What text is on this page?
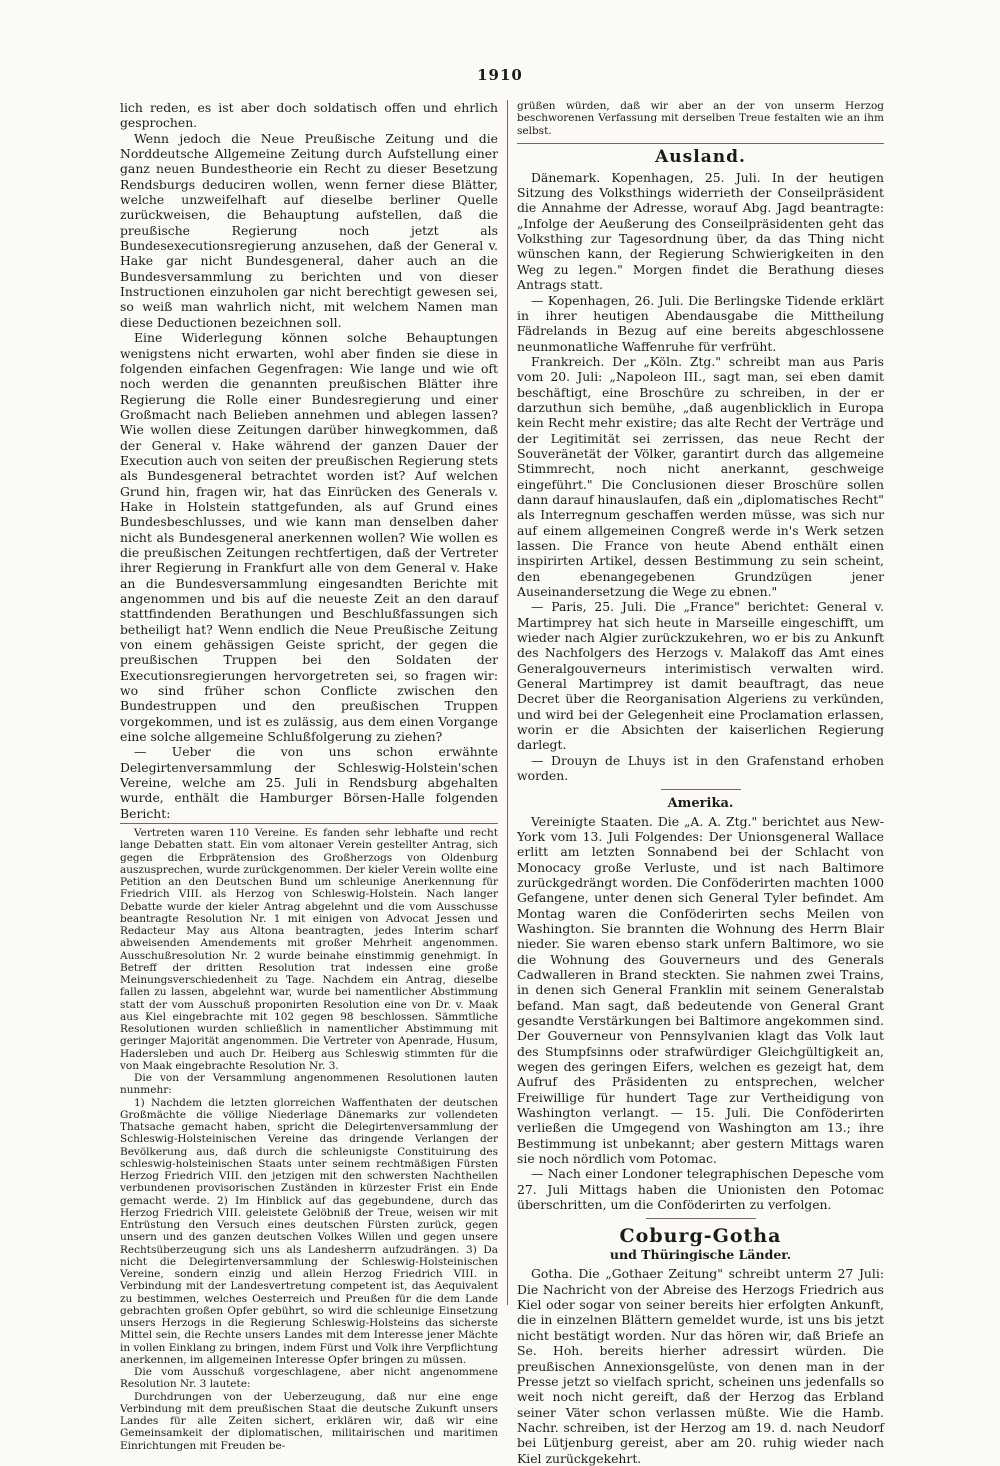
1910

lich reden, es ist aber doch soldatisch offen und ehrlich gesprochen.

Wenn jedoch die Neue Preußische Zeitung und die Norddeutsche Allgemeine Zeitung durch Aufstellung einer ganz neuen Bundestheorie ein Recht zu dieser Besetzung Rendsburgs deduciren wollen, wenn ferner diese Blätter, welche unzweifelhaft auf dieselbe berliner Quelle zurückweisen, die Behauptung aufstellen, daß die preußische Regierung noch jetzt als Bundesexecutionsregierung anzusehen, daß der General v. Hake gar nicht Bundesgeneral, daher auch an die Bundesversammlung zu berichten und von dieser Instructionen einzuholen gar nicht berechtigt gewesen sei, so weiß man wahrlich nicht, mit welchem Namen man diese Deductionen bezeichnen soll.

Eine Widerlegung können solche Behauptungen wenigstens nicht erwarten, wohl aber finden sie diese in folgenden einfachen Gegenfragen: Wie lange und wie oft noch werden die genannten preußischen Blätter ihre Regierung die Rolle einer Bundesregierung und einer Großmacht nach Belieben annehmen und ablegen lassen? Wie wollen diese Zeitungen darüber hinwegkommen, daß der General v. Hake während der ganzen Dauer der Execution auch von seiten der preußischen Regierung stets als Bundesgeneral betrachtet worden ist? Auf welchen Grund hin, fragen wir, hat das Einrücken des Generals v. Hake in Holstein stattgefunden, als auf Grund eines Bundesbeschlusses, und wie kann man denselben daher nicht als Bundesgeneral anerkennen wollen? Wie wollen es die preußischen Zeitungen rechtfertigen, daß der Vertreter ihrer Regierung in Frankfurt alle von dem General v. Hake an die Bundesversammlung eingesandten Berichte mit angenommen und bis auf die neueste Zeit an den darauf stattfindenden Berathungen und Beschlußfassungen sich betheiligt hat? Wenn endlich die Neue Preußische Zeitung von einem gehässigen Geiste spricht, der gegen die preußischen Truppen bei den Soldaten der Executionsregierungen hervorgetreten sei, so fragen wir: wo sind früher schon Conflicte zwischen den Bundestruppen und den preußischen Truppen vorgekommen, und ist es zulässig, aus dem einen Vorgange eine solche allgemeine Schlußfolgerung zu ziehen?

— Ueber die von uns schon erwähnte Delegirtenversammlung der Schleswig-Holstein'schen Vereine, welche am 25. Juli in Rendsburg abgehalten wurde, enthält die Hamburger Börsen-Halle folgenden Bericht:

Vertreten waren 110 Vereine. Es fanden sehr lebhafte und recht lange Debatten statt. Ein vom altonaer Verein gestellter Antrag, sich gegen die Erbprätension des Großherzogs von Oldenburg auszusprechen, wurde zurückgenommen. Der kieler Verein wollte eine Petition an den Deutschen Bund um schleunige Anerkennung für Friedrich VIII. als Herzog von Schleswig-Holstein. Nach langer Debatte wurde der kieler Antrag abgelehnt und die vom Ausschusse beantragte Resolution Nr. 1 mit einigen von Advocat Jessen und Redacteur May aus Altona beantragten, jedes Interim scharf abweisenden Amendements mit großer Mehrheit angenommen. Ausschußresolution Nr. 2 wurde beinahe einstimmig genehmigt. In Betreff der dritten Resolution trat indessen eine große Meinungsverschiedenheit zu Tage. Nachdem ein Antrag, dieselbe fallen zu lassen, abgelehnt war, wurde bei namentlicher Abstimmung statt der vom Ausschuß proponirten Resolution eine von Dr. v. Maak aus Kiel eingebrachte mit 102 gegen 98 beschlossen. Sämmtliche Resolutionen wurden schließlich in namentlicher Abstimmung mit geringer Majorität angenommen. Die Vertreter von Apenrade, Husum, Hadersleben und auch Dr. Heiberg aus Schleswig stimmten für die von Maak eingebrachte Resolution Nr. 3.

Die von der Versammlung angenommenen Resolutionen lauten nunmehr:

1) Nachdem die letzten glorreichen Waffenthaten der deutschen Großmächte die völlige Niederlage Dänemarks zur vollendeten Thatsache gemacht haben, spricht die Delegirtenversammlung der Schleswig-Holsteinischen Vereine das dringende Verlangen der Bevölkerung aus, daß durch die schleunigste Constituirung des schleswig-holsteinischen Staats unter seinem rechtmäßigen Fürsten Herzog Friedrich VIII. den jetzigen mit den schwersten Nachtheilen verbundenen provisorischen Zuständen in kürzester Frist ein Ende gemacht werde. 2) Im Hinblick auf das gegebundene, durch das Herzog Friedrich VIII. geleistete Gelöbniß der Treue, weisen wir mit Entrüstung den Versuch eines deutschen Fürsten zurück, gegen unsern und des ganzen deutschen Volkes Willen und gegen unsere Rechtsüberzeugung sich uns als Landesherrn aufzudrängen. 3) Da nicht die Delegirtenversammlung der Schleswig-Holsteinischen Vereine, sondern einzig und allein Herzog Friedrich VIII. in Verbindung mit der Landesvertretung competent ist, das Aequivalent zu bestimmen, welches Oesterreich und Preußen für die dem Lande gebrachten großen Opfer gebührt, so wird die schleunige Einsetzung unsers Herzogs in die Regierung Schleswig-Holsteins das sicherste Mittel sein, die Rechte unsers Landes mit dem Interesse jener Mächte in vollen Einklang zu bringen, indem Fürst und Volk ihre Verpflichtung anerkennen, im allgemeinen Interesse Opfer bringen zu müssen.

Die vom Ausschuß vorgeschlagene, aber nicht angenommene Resolution Nr. 3 lautete:

Durchdrungen von der Ueberzeugung, daß nur eine enge Verbindung mit dem preußischen Staat die deutsche Zukunft unsers Landes für alle Zeiten sichert, erklären wir, daß wir eine Gemeinsamkeit der diplomatischen, militairischen und maritimen Einrichtungen mit Freuden be-

grüßen würden, daß wir aber an der von unserm Herzog beschworenen Verfassung mit derselben Treue festalten wie an ihm selbst.

Ausland.

Dänemark. Kopenhagen, 25. Juli. In der heutigen Sitzung des Volksthings widerrieth der Conseilpräsident die Annahme der Adresse, worauf Abg. Jagd beantragte: „Infolge der Aeußerung des Conseilpräsidenten geht das Volksthing zur Tagesordnung über, da das Thing nicht wünschen kann, der Regierung Schwierigkeiten in den Weg zu legen." Morgen findet die Berathung dieses Antrags statt.

— Kopenhagen, 26. Juli. Die Berlingske Tidende erklärt in ihrer heutigen Abendausgabe die Mittheilung Fädrelands in Bezug auf eine bereits abgeschlossene neunmonatliche Waffenruhe für verfrüht.

Frankreich. Der „Köln. Ztg." schreibt man aus Paris vom 20. Juli: „Napoleon III., sagt man, sei eben damit beschäftigt, eine Broschüre zu schreiben, in der er darzuthun sich bemühe, „daß augenblicklich in Europa kein Recht mehr existire; das alte Recht der Verträge und der Legitimität sei zerrissen, das neue Recht der Souveränetät der Völker, garantirt durch das allgemeine Stimmrecht, noch nicht anerkannt, geschweige eingeführt." Die Conclusionen dieser Broschüre sollen dann darauf hinauslaufen, daß ein „diplomatisches Recht" als Interregnum geschaffen werden müsse, was sich nur auf einem allgemeinen Congreß werde in's Werk setzen lassen. Die France von heute Abend enthält einen inspirirten Artikel, dessen Bestimmung zu sein scheint, den ebenangegebenen Grundzügen jener Auseinandersetzung die Wege zu ebnen."

— Paris, 25. Juli. Die „France" berichtet: General v. Martimprey hat sich heute in Marseille eingeschifft, um wieder nach Algier zurückzukehren, wo er bis zu Ankunft des Nachfolgers des Herzogs v. Malakoff das Amt eines Generalgouverneurs interimistisch verwalten wird. General Martimprey ist damit beauftragt, das neue Decret über die Reorganisation Algeriens zu verkünden, und wird bei der Gelegenheit eine Proclamation erlassen, worin er die Absichten der kaiserlichen Regierung darlegt.

— Drouyn de Lhuys ist in den Grafenstand erhoben worden.

Amerika.

Vereinigte Staaten. Die „A. A. Ztg." berichtet aus New-York vom 13. Juli Folgendes: Der Unionsgeneral Wallace erlitt am letzten Sonnabend bei der Schlacht von Monocacy große Verluste, und ist nach Baltimore zurückgedrängt worden. Die Conföderirten machten 1000 Gefangene, unter denen sich General Tyler befindet. Am Montag waren die Conföderirten sechs Meilen von Washington. Sie brannten die Wohnung des Herrn Blair nieder. Sie waren ebenso stark unfern Baltimore, wo sie die Wohnung des Gouverneurs und des Generals Cadwalleren in Brand steckten. Sie nahmen zwei Trains, in denen sich General Franklin mit seinem Generalstab befand. Man sagt, daß bedeutende von General Grant gesandte Verstärkungen bei Baltimore angekommen sind. Der Gouverneur von Pennsylvanien klagt das Volk laut des Stumpfsinns oder strafwürdiger Gleichgültigkeit an, wegen des geringen Eifers, welchen es gezeigt hat, dem Aufruf des Präsidenten zu entsprechen, welcher Freiwillige für hundert Tage zur Vertheidigung von Washington verlangt. — 15. Juli. Die Conföderirten verließen die Umgegend von Washington am 13.; ihre Bestimmung ist unbekannt; aber gestern Mittags waren sie noch nördlich vom Potomac.

— Nach einer Londoner telegraphischen Depesche vom 27. Juli Mittags haben die Unionisten den Potomac überschritten, um die Conföderirten zu verfolgen.

Coburg-Gotha
und Thüringische Länder.

Gotha. Die „Gothaer Zeitung" schreibt unterm 27 Juli: Die Nachricht von der Abreise des Herzogs Friedrich aus Kiel oder sogar von seiner bereits hier erfolgten Ankunft, die in einzelnen Blättern gemeldet wurde, ist uns bis jetzt nicht bestätigt worden. Nur das hören wir, daß Briefe an Se. Hoh. bereits hierher adressirt würden. Die preußischen Annexionsgelüste, von denen man in der Presse jetzt so vielfach spricht, scheinen uns jedenfalls so weit noch nicht gereift, daß der Herzog das Erbland seiner Väter schon verlassen müßte. Wie die Hamb. Nachr. schreiben, ist der Herzog am 19. d. nach Neudorf bei Lütjenburg gereist, aber am 20. ruhig wieder nach Kiel zurückgekehrt.
